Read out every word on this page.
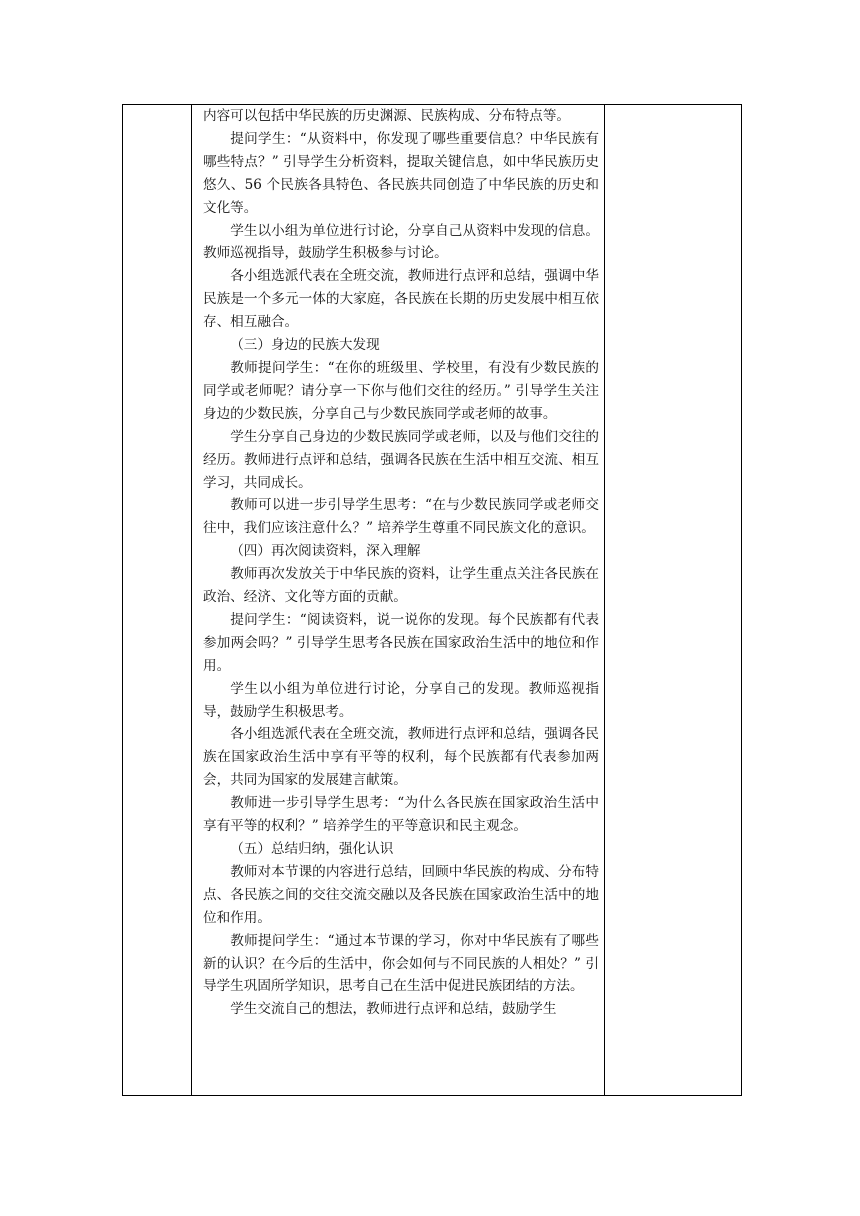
内容可以包括中华民族的历史渊源、民族构成、分布特点等。

提问学生：“从资料中，你发现了哪些重要信息？中华民族有哪些特点？” 引导学生分析资料，提取关键信息，如中华民族历史悠久、56 个民族各具特色、各民族共同创造了中华民族的历史和文化等。

学生以小组为单位进行讨论，分享自己从资料中发现的信息。教师巡视指导，鼓励学生积极参与讨论。

各小组选派代表在全班交流，教师进行点评和总结，强调中华民族是一个多元一体的大家庭，各民族在长期的历史发展中相互依存、相互融合。

（三）身边的民族大发现

教师提问学生：“在你的班级里、学校里，有没有少数民族的同学或老师呢？请分享一下你与他们交往的经历。” 引导学生关注身边的少数民族，分享自己与少数民族同学或老师的故事。

学生分享自己身边的少数民族同学或老师，以及与他们交往的经历。教师进行点评和总结，强调各民族在生活中相互交流、相互学习，共同成长。

教师可以进一步引导学生思考：“在与少数民族同学或老师交往中，我们应该注意什么？” 培养学生尊重不同民族文化的意识。

（四）再次阅读资料，深入理解

教师再次发放关于中华民族的资料，让学生重点关注各民族在政治、经济、文化等方面的贡献。

提问学生：“阅读资料，说一说你的发现。每个民族都有代表参加两会吗？” 引导学生思考各民族在国家政治生活中的地位和作用。

学生以小组为单位进行讨论，分享自己的发现。教师巡视指导，鼓励学生积极思考。

各小组选派代表在全班交流，教师进行点评和总结，强调各民族在国家政治生活中享有平等的权利，每个民族都有代表参加两会，共同为国家的发展建言献策。

教师进一步引导学生思考：“为什么各民族在国家政治生活中享有平等的权利？” 培养学生的平等意识和民主观念。

（五）总结归纳，强化认识

教师对本节课的内容进行总结，回顾中华民族的构成、分布特点、各民族之间的交往交流交融以及各民族在国家政治生活中的地位和作用。

教师提问学生：“通过本节课的学习，你对中华民族有了哪些新的认识？在今后的生活中，你会如何与不同民族的人相处？” 引导学生巩固所学知识，思考自己在生活中促进民族团结的方法。

学生交流自己的想法，教师进行点评和总结，鼓励学生
